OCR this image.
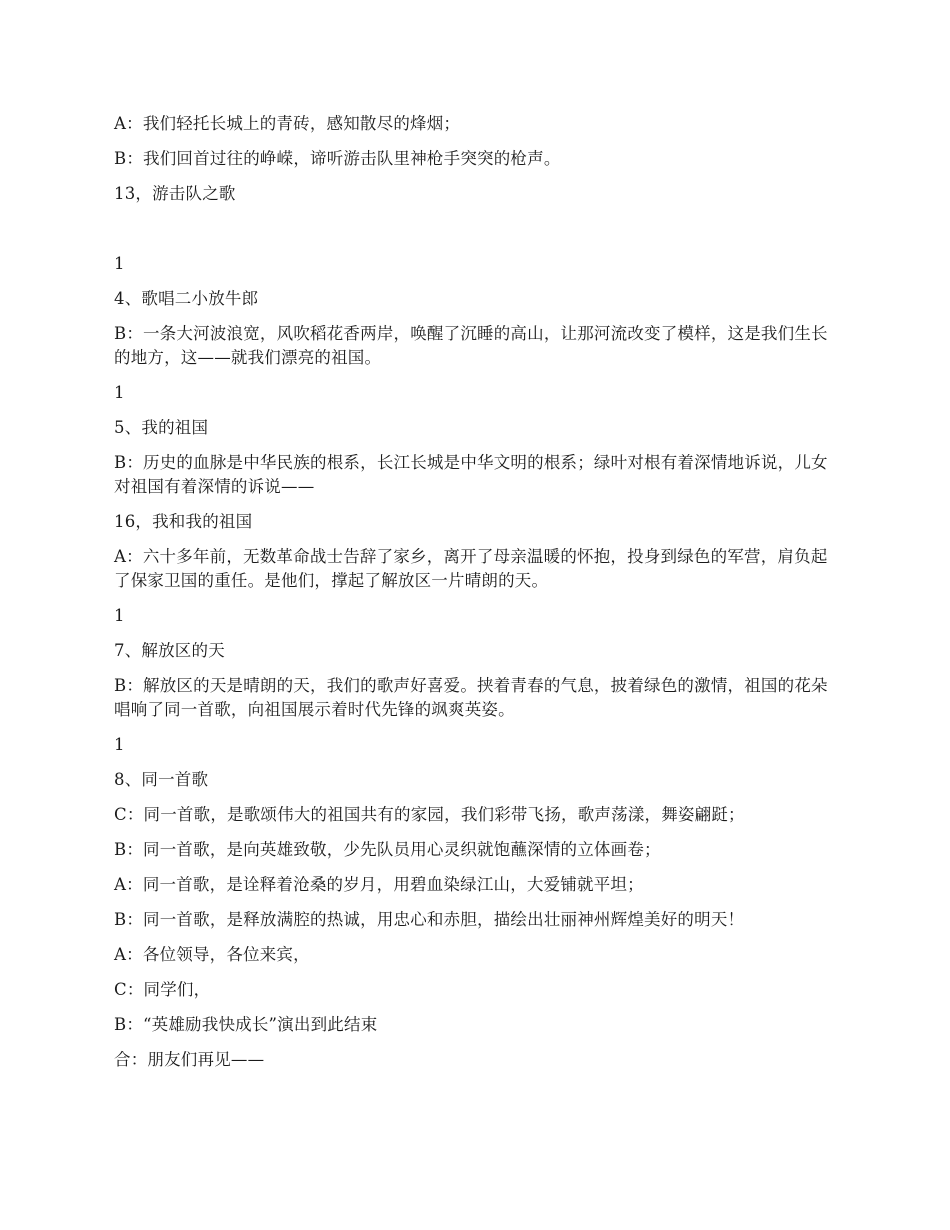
A：我们轻托长城上的青砖，感知散尽的烽烟；

B：我们回首过往的峥嵘，谛听游击队里神枪手突突的枪声。

13，游击队之歌

1

4、歌唱二小放牛郎

B：一条大河波浪宽，风吹稻花香两岸，唤醒了沉睡的高山，让那河流改变了模样，这是我们生长的地方，这——就我们漂亮的祖国。

1

5、我的祖国

B：历史的血脉是中华民族的根系，长江长城是中华文明的根系；绿叶对根有着深情地诉说，儿女对祖国有着深情的诉说——

16，我和我的祖国

A：六十多年前，无数革命战士告辞了家乡，离开了母亲温暖的怀抱，投身到绿色的军营，肩负起了保家卫国的重任。是他们，撑起了解放区一片晴朗的天。

1

7、解放区的天

B：解放区的天是晴朗的天，我们的歌声好喜爱。挟着青春的气息，披着绿色的激情，祖国的花朵唱响了同一首歌，向祖国展示着时代先锋的飒爽英姿。

1

8、同一首歌

C：同一首歌，是歌颂伟大的祖国共有的家园，我们彩带飞扬，歌声荡漾，舞姿翩跹；

B：同一首歌，是向英雄致敬，少先队员用心灵织就饱蘸深情的立体画卷；

A：同一首歌，是诠释着沧桑的岁月，用碧血染绿江山，大爱铺就平坦；

B：同一首歌，是释放满腔的热诚，用忠心和赤胆，描绘出壮丽神州辉煌美好的明天！

A：各位领导，各位来宾，

C：同学们，

B：“英雄励我快成长”演出到此结束

合：朋友们再见——
